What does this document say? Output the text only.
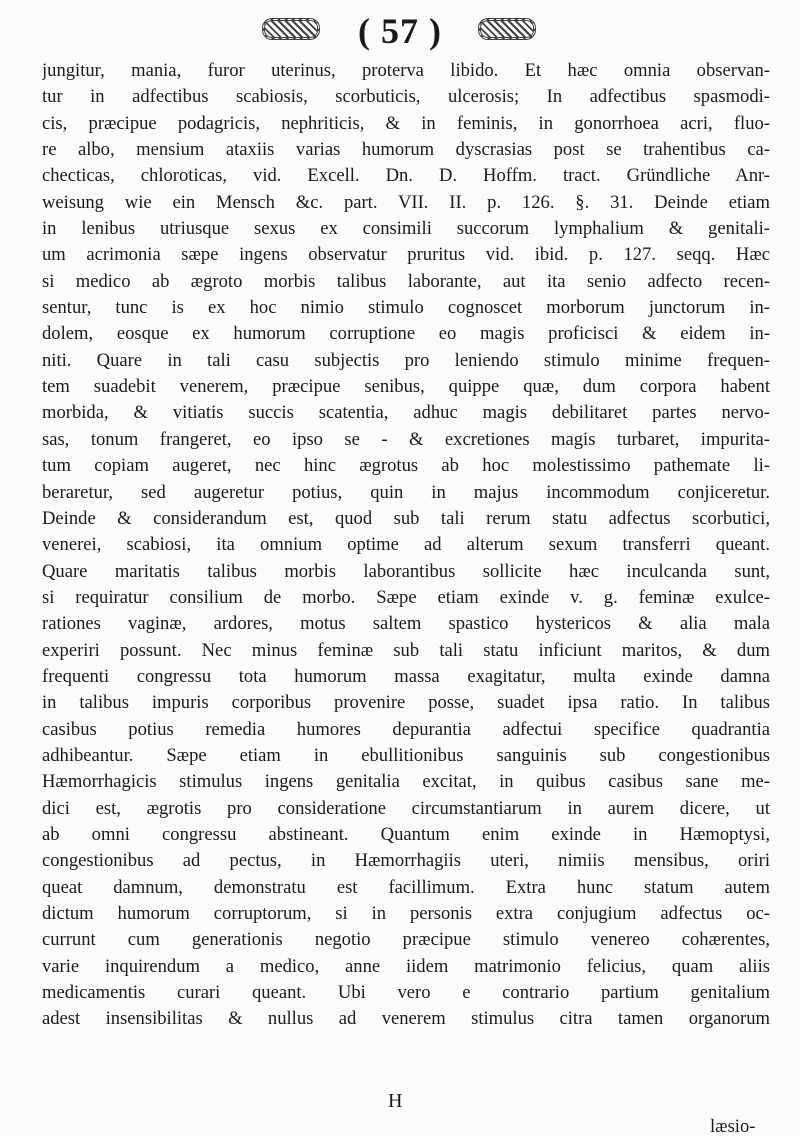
( 57 )
jungitur, mania, furor uterinus, proterva libido. Et hæc omnia observan-
tur in adfectibus scabiosis, scorbuticis, ulcerosis; In adfectibus spasmodi-
cis, præcipue podagricis, nephriticis, & in feminis, in gonorrhoea acri, fluo-
re albo, mensium ataxiis varias humorum dyscrasias post se trahentibus ca-
checticas, chloroticas, vid. Excell. Dn. D. Hoffm. tract. Gründliche Anr-
weisung wie ein Mensch &c. part. VII. II. p. 126. §. 31. Deinde etiam
in lenibus utriusque sexus ex consimili succorum lymphalium & genitali-
um acrimonia sæpe ingens observatur pruritus vid. ibid. p. 127. seqq. Hæc
si medico ab ægroto morbis talibus laborante, aut ita senio adfecto recen-
sentur, tunc is ex hoc nimio stimulo cognoscet morborum junctorum in-
dolem, eosque ex humorum corruptione eo magis proficisci & eidem in-
niti. Quare in tali casu subjectis pro leniendo stimulo minime frequen-
tem suadebit venerem, præcipue senibus, quippe quæ, dum corpora habent
morbida, & vitiatis succis scatentia, adhuc magis debilitaret partes nervo-
sas, tonum frangeret, eo ipso se - & excretiones magis turbaret, impurita-
tum copiam augeret, nec hinc ægrotus ab hoc molestissimo pathemate li-
beraretur, sed augeretur potius, quin in majus incommodum conjiceretur.
Deinde & considerandum est, quod sub tali rerum statu adfectus scorbutici,
venerei, scabiosi, ita omnium optime ad alterum sexum transferri queant.
Quare maritatis talibus morbis laborantibus sollicite hæc inculcanda sunt,
si requiratur consilium de morbo. Sæpe etiam exinde v. g. feminæ exulce-
rationes vaginæ, ardores, motus saltem spastico hystericos & alia mala
experiri possunt. Nec minus feminæ sub tali statu inficiunt maritos, & dum
frequenti congressu tota humorum massa exagitatur, multa exinde damna
in talibus impuris corporibus provenire posse, suadet ipsa ratio. In talibus
casibus potius remedia humores depurantia adfectui specifice quadrantia
adhibeantur. Sæpe etiam in ebullitionibus sanguinis sub congestionibus
Hæmorrhagicis stimulus ingens genitalia excitat, in quibus casibus sane me-
dici est, ægrotis pro consideratione circumstantiarum in aurem dicere, ut
ab omni congressu abstineant. Quantum enim exinde in Hæmoptysi,
congestionibus ad pectus, in Hæmorrhagiis uteri, nimiis mensibus, oriri
queat damnum, demonstratu est facillimum. Extra hunc statum autem
dictum humorum corruptorum, si in personis extra conjugium adfectus oc-
currunt cum generationis negotio præcipue stimulo venereo cohærentes,
varie inquirendum a medico, anne iidem matrimonio felicius, quam aliis
medicamentis curari queant. Ubi vero e contrario partium genitalium
adest insensibilitas & nullus ad venerem stimulus citra tamen organorum
H
læsio-
